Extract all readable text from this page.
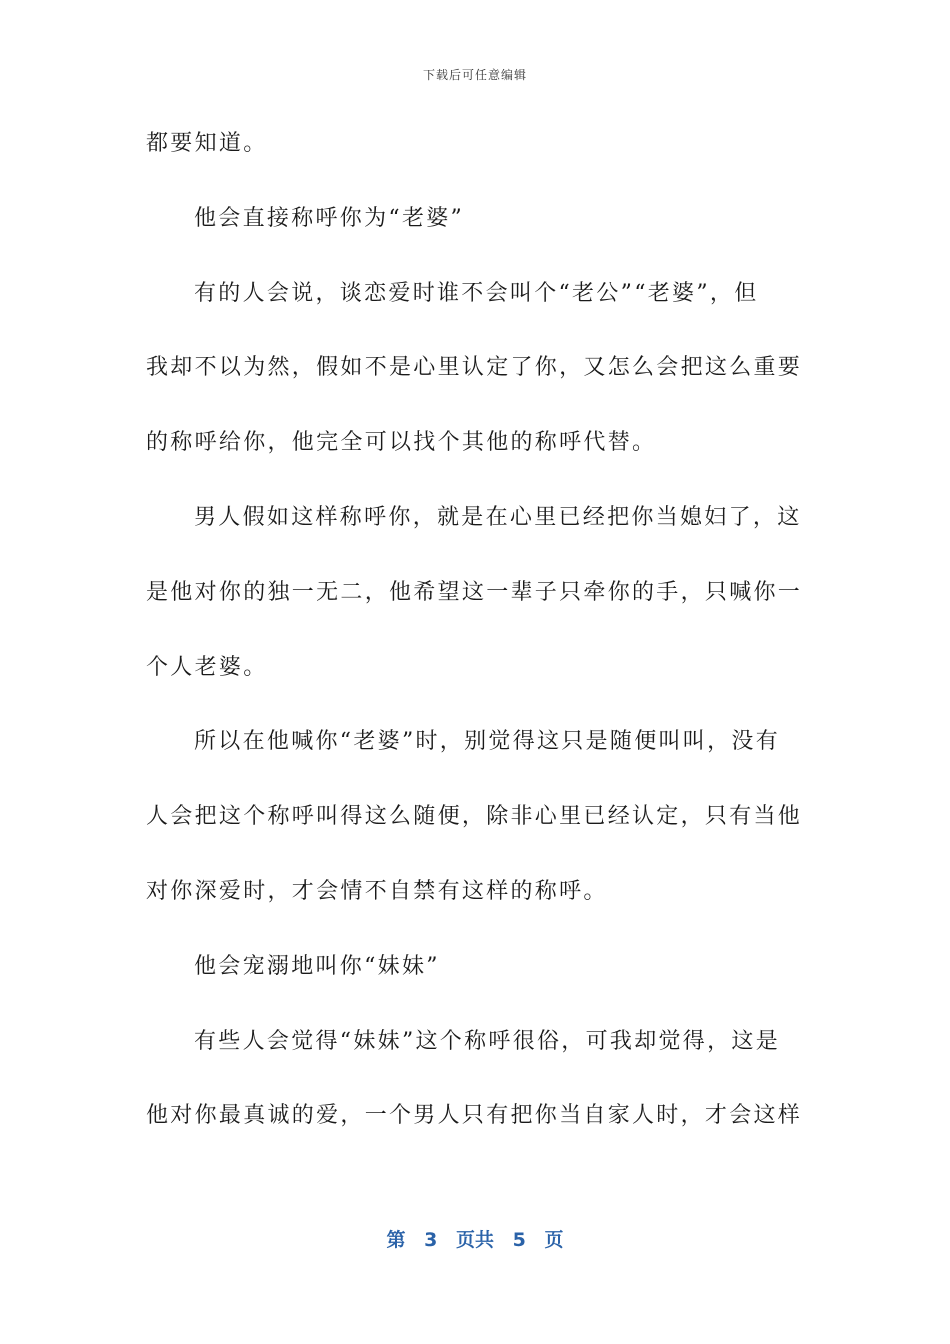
下载后可任意编辑
都要知道。
他会直接称呼你为“老婆”
有的人会说，谈恋爱时谁不会叫个“老公”“老婆”，但
我却不以为然，假如不是心里认定了你，又怎么会把这么重要
的称呼给你，他完全可以找个其他的称呼代替。
男人假如这样称呼你，就是在心里已经把你当媳妇了，这
是他对你的独一无二，他希望这一辈子只牵你的手，只喊你一
个人老婆。
所以在他喊你“老婆”时，别觉得这只是随便叫叫，没有
人会把这个称呼叫得这么随便，除非心里已经认定，只有当他
对你深爱时，才会情不自禁有这样的称呼。
他会宠溺地叫你“妹妹”
有些人会觉得“妹妹”这个称呼很俗，可我却觉得，这是
他对你最真诚的爱，一个男人只有把你当自家人时，才会这样
第 3 页共 5 页
